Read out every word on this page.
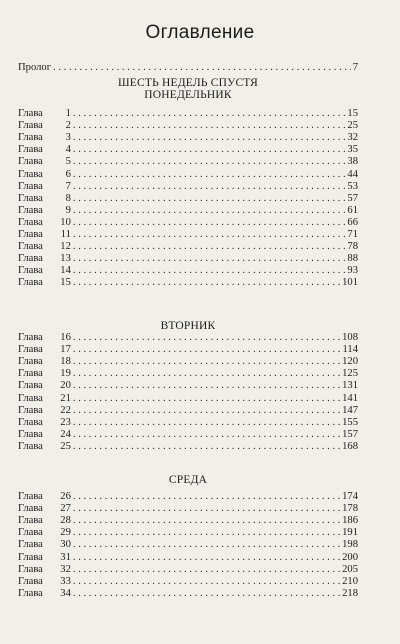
Оглавление
Пролог . . .	7
ШЕСТЬ НЕДЕЛЬ СПУСТЯ
ПОНЕДЕЛЬНИК
Глава	1 . . .	15
Глава	2 . . .	25
Глава	3 . . .	32
Глава	4 . . .	35
Глава	5 . . .	38
Глава	6 . . .	44
Глава	7 . . .	53
Глава	8 . . .	57
Глава	9 . . .	61
Глава	10 . . .	66
Глава	11 . . .	71
Глава	12 . . .	78
Глава	13 . . .	88
Глава	14 . . .	93
Глава	15 . . .	101
ВТОРНИК
Глава	16 . . .	108
Глава	17 . . .	114
Глава	18 . . .	120
Глава	19 . . .	125
Глава	20 . . .	131
Глава	21 . . .	141
Глава	22 . . .	147
Глава	23 . . .	155
Глава	24 . . .	157
Глава	25 . . .	168
СРЕДА
Глава	26 . . .	174
Глава	27 . . .	178
Глава	28 . . .	186
Глава	29 . . .	191
Глава	30 . . .	198
Глава	31 . . .	200
Глава	32 . . .	205
Глава	33 . . .	210
Глава	34 . . .	218
